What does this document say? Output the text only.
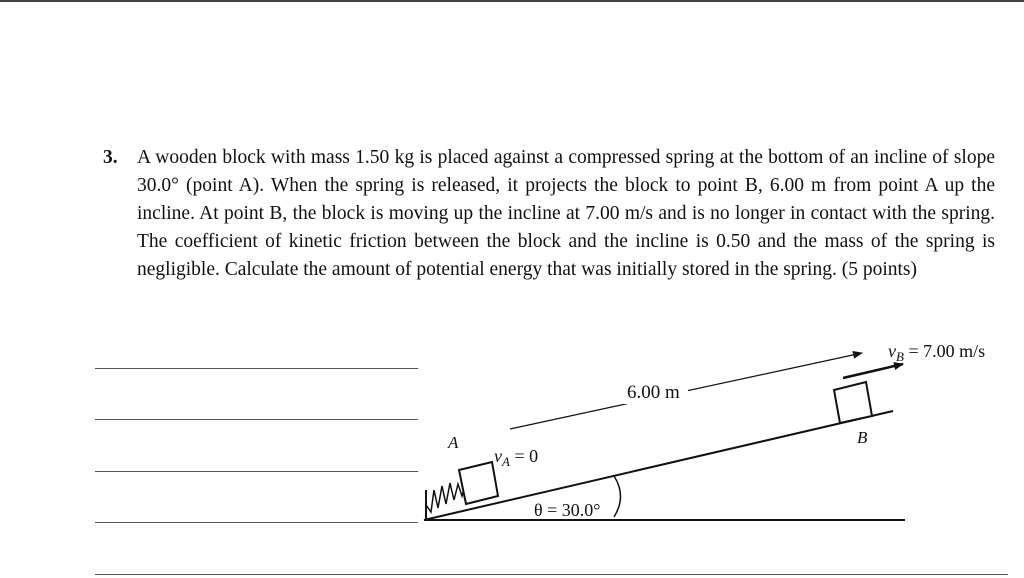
3. A wooden block with mass 1.50 kg is placed against a compressed spring at the bottom of an incline of slope 30.0° (point A). When the spring is released, it projects the block to point B, 6.00 m from point A up the incline. At point B, the block is moving up the incline at 7.00 m/s and is no longer in contact with the spring. The coefficient of kinetic friction between the block and the incline is 0.50 and the mass of the spring is negligible. Calculate the amount of potential energy that was initially stored in the spring. (5 points)
A	B
6.00 m
$v_A = 0$
$v_B = 7.00$ m/s
θ = 30.0°
